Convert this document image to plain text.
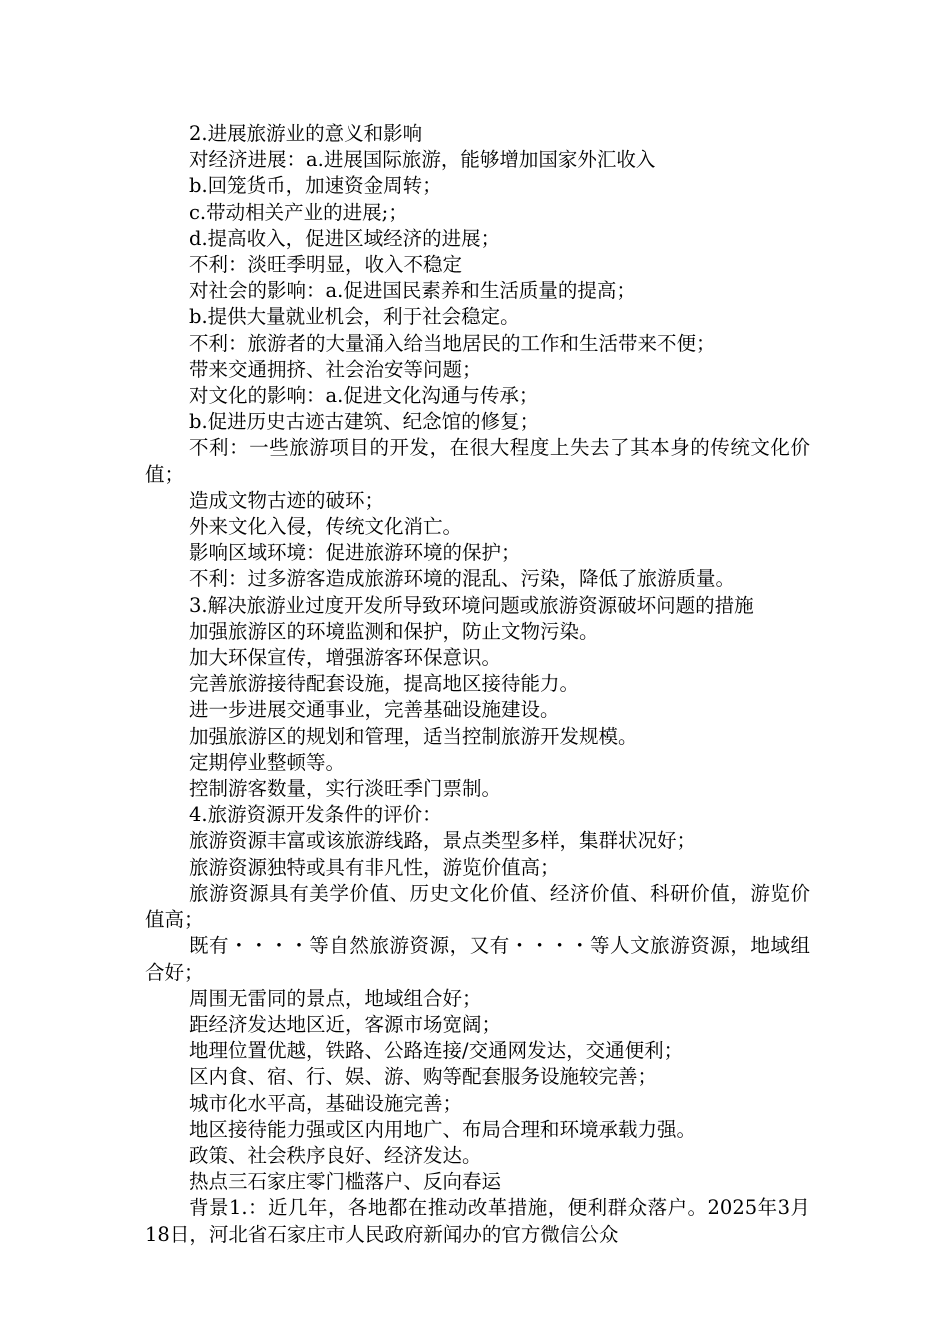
2.进展旅游业的意义和影响

对经济进展：a.进展国际旅游，能够增加国家外汇收入

b.回笼货币，加速资金周转；

c.带动相关产业的进展;；

d.提高收入，促进区域经济的进展；

不利：淡旺季明显，收入不稳定

对社会的影响：a.促进国民素养和生活质量的提高；

b.提供大量就业机会，利于社会稳定。

不利：旅游者的大量涌入给当地居民的工作和生活带来不便；

带来交通拥挤、社会治安等问题；

对文化的影响：a.促进文化沟通与传承；

b.促进历史古迹古建筑、纪念馆的修复；

不利：一些旅游项目的开发，在很大程度上失去了其本身的传统文化价值；

造成文物古迹的破环；

外来文化入侵，传统文化消亡。

影响区域环境：促进旅游环境的保护；

不利：过多游客造成旅游环境的混乱、污染，降低了旅游质量。

3.解决旅游业过度开发所导致环境问题或旅游资源破坏问题的措施

加强旅游区的环境监测和保护，防止文物污染。

加大环保宣传，增强游客环保意识。

完善旅游接待配套设施，提高地区接待能力。

进一步进展交通事业，完善基础设施建设。

加强旅游区的规划和管理，适当控制旅游开发规模。

定期停业整顿等。

控制游客数量，实行淡旺季门票制。

4.旅游资源开发条件的评价：

旅游资源丰富或该旅游线路，景点类型多样，集群状况好；

旅游资源独特或具有非凡性，游览价值高；

旅游资源具有美学价值、历史文化价值、经济价值、科研价值，游览价值高；

既有・・・・等自然旅游资源，又有・・・・等人文旅游资源，地域组合好；

周围无雷同的景点，地域组合好；

距经济发达地区近，客源市场宽阔；

地理位置优越，铁路、公路连接/交通网发达，交通便利；

区内食、宿、行、娱、游、购等配套服务设施较完善；

城市化水平高，基础设施完善；

地区接待能力强或区内用地广、布局合理和环境承载力强。

政策、社会秩序良好、经济发达。

热点三石家庄零门槛落户、反向春运

背景1.：近几年，各地都在推动改革措施，便利群众落户。2025年3月18日，河北省石家庄市人民政府新闻办的官方微信公众
